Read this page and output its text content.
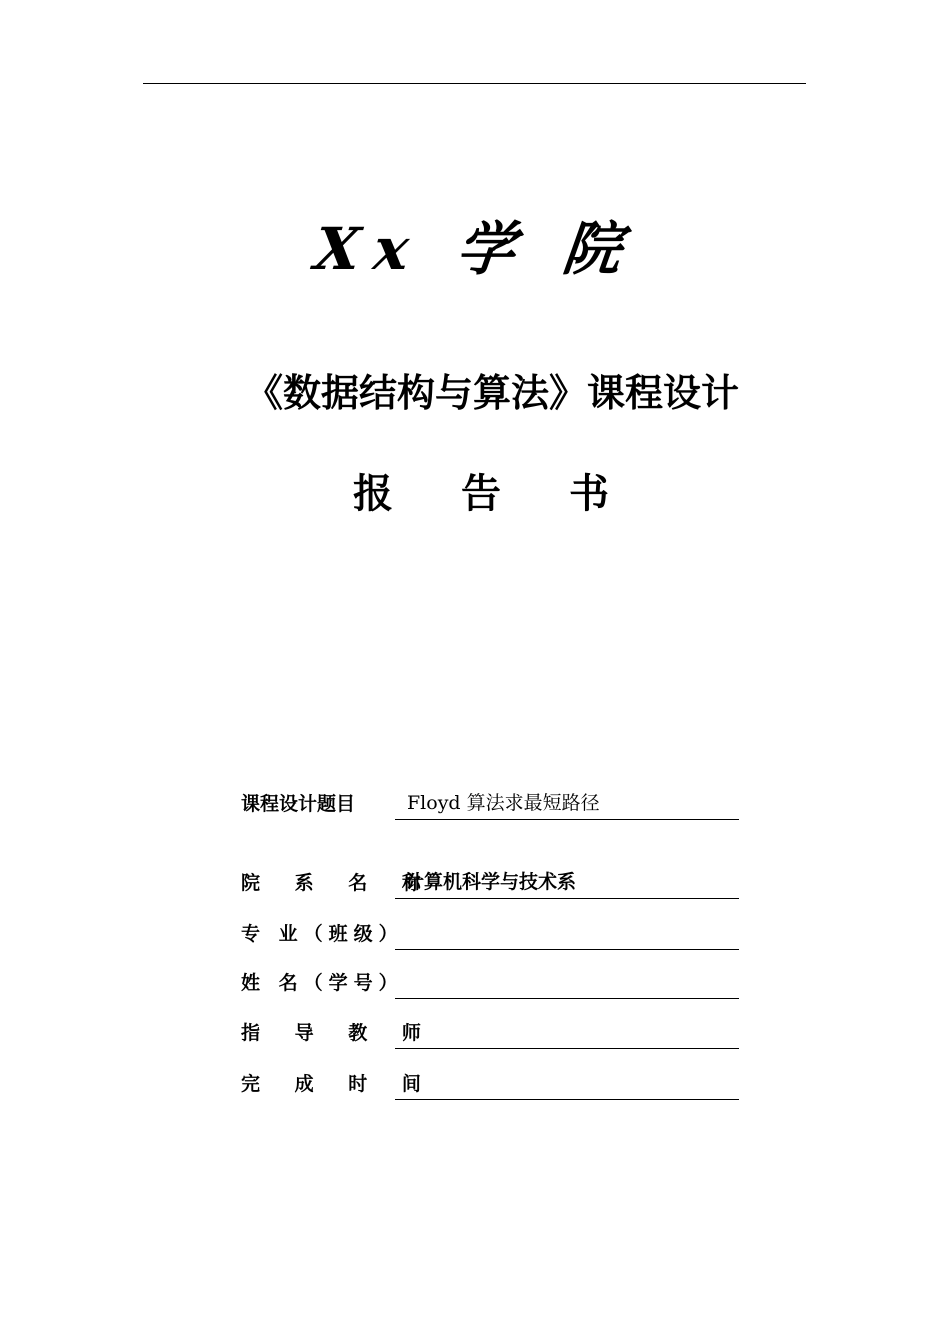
Xx 学 院
《数据结构与算法》课程设计
报 告 书
课程设计题目	Floyd 算法求最短路径
院 系 名 称
计算机科学与技术系
专 业（班级）
姓 名（学号）
指 导 教 师
完 成 时 间
